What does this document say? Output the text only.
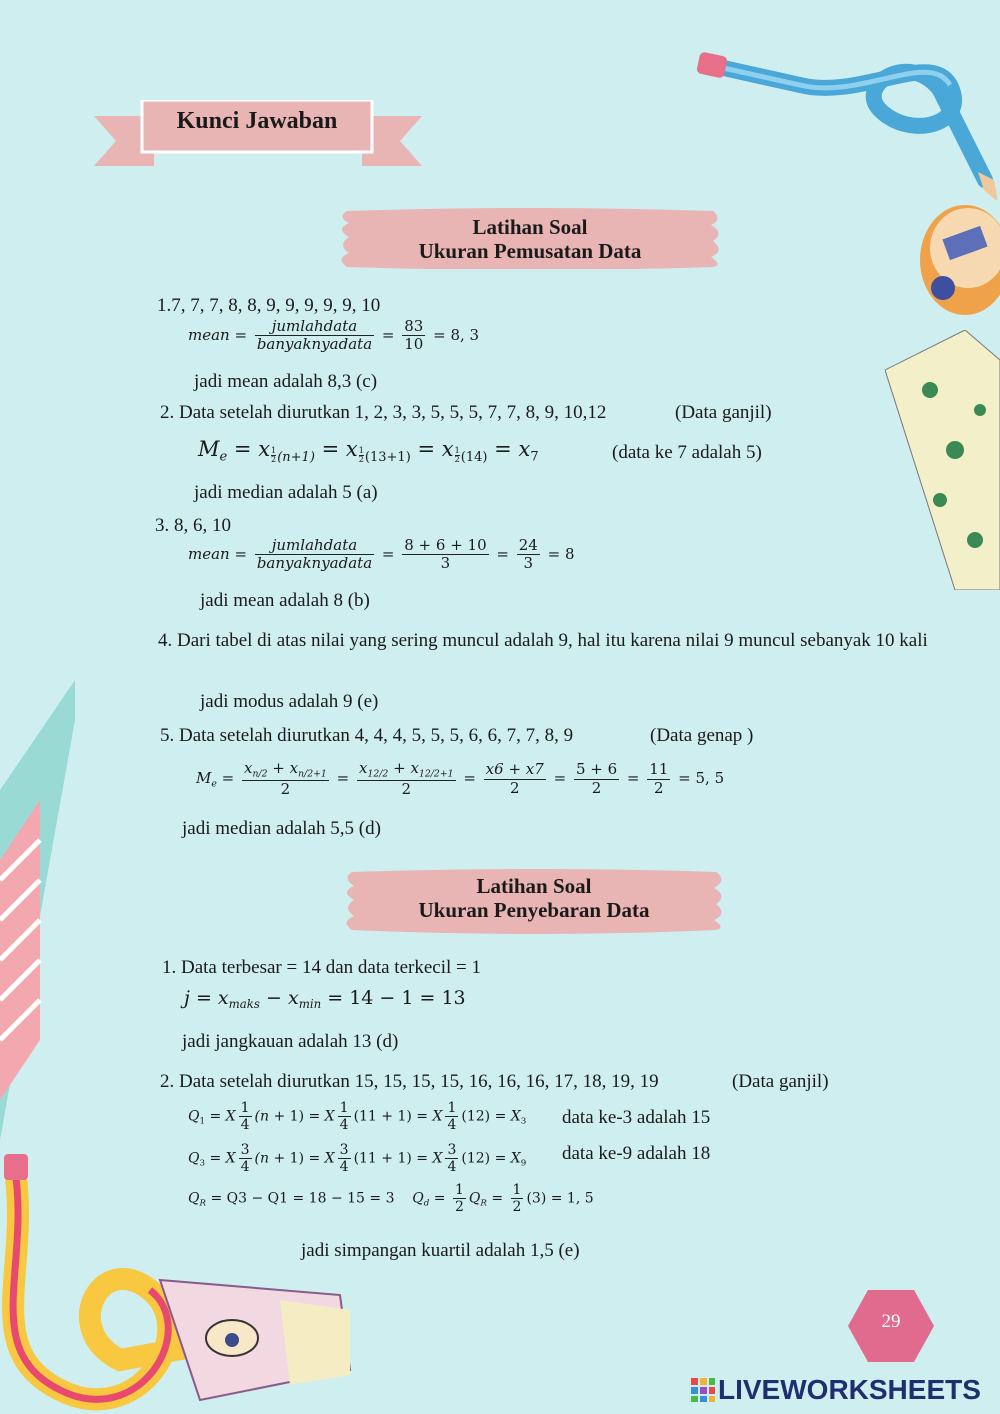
Kunci Jawaban
Latihan Soal
Ukuran Pemusatan Data
1.7, 7, 7, 8, 8, 9, 9, 9, 9, 9, 10
mean = $\frac{\text{jumlahdata}}{\text{banyaknyadata}} = \frac{83}{10} = 8$, 3
jadi mean adalah 8,3 (c)
2. Data setelah diurutkan 1, 2, 3, 3, 5, 5, 5, 7, 7, 8, 9, 10,12	(Data ganjil)
$M_e = x$ $_{\frac{1}{2} (n+1)}$ = x $_{\frac{1}{2} (13+1)}$ = x $_{\frac{1}{2} (14)} = x_7$	(data ke 7 adalah 5)
jadi median adalah 5 (a)
3. 8, 6, 10
mean = $\frac{\text{jumlahdata}}{\text{banyaknyadata}} = \frac{8 + 6 + 10}{3} = \frac{24}{3} = 8$
jadi mean adalah 8 (b)
4. Dari tabel di atas nilai yang sering muncul adalah 9, hal itu karena nilai 9 muncul sebanyak 10 kali
jadi modus adalah 9 (e)
5. Data setelah diurutkan 4, 4, 4, 5, 5, 5, 6, 6, 7, 7, 8, 9	(Data genap )
$M_e = \frac{x_{n/2} + x_{n/2+1}}{2} = \frac{x_{12/2} + x_{12/2+1}}{2} = \frac{x6 + x7}{2} = \frac{5 + 6}{2} = \frac{11}{2} = 5$, 5
jadi median adalah 5,5 (d)
Latihan Soal
Ukuran Penyebaran Data
1. Data terbesar = 14 dan data terkecil = 1
$j = x_{maks} - x_{min} = 14 - 1 = 13$
jadi jangkauan adalah 13 (d)
2. Data setelah diurutkan 15, 15, 15, 15, 16, 16, 16, 17, 18, 19, 19	(Data ganjil)
$Q_1 = X \frac{1}{4} (n + 1) = X \frac{1}{4} (11 + 1) = X \frac{1}{4} (12) = X_3$ data ke-3 adalah 15
$Q_3 = X \frac{3}{4} (n + 1) = X \frac{3}{4} (11 + 1) = X \frac{3}{4} (12) = X_9$ data ke-9 adalah 18
$Q_R = Q3 - Q1 = 18 - 15 = 3$    $Q_d = \frac{1}{2} Q_R = \frac{1}{2} (3) = 1$, 5
jadi simpangan kuartil adalah 1,5 (e)
29
LIVEWORKSHEETS
